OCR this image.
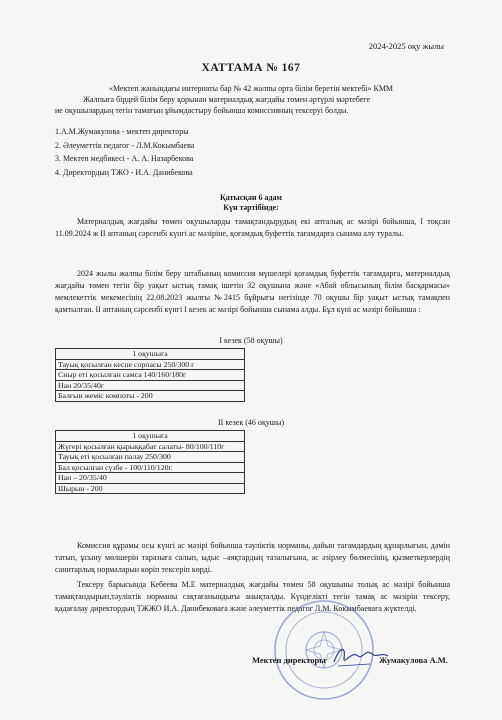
2024-2025 оқу жылы
ХАТТАМА № 167
«Мектеп жанындағы интернаты бар № 42 жалпы орта білім беретін мектебі» КММ
Жалпыға бірдей білім беру қорынан материалдық жағдайы төмен әртүрлі мәртебеге
ие оқушылардың тегін тамағын ұйымдастыру бойынша комиссияның тексеруі болды.
1.А.М.Жумакулова - мектеп директоры
2. Әлеуметтік педагог - Л.М.Кокымбаева
3. Мектеп медбикесі - А. А. Назарбекова
4. Директордың ТЖО - И.А. Данибекова
Қатысқан 6 адам
Күн тәртібінде:
Материалдық жағдайы төмен оқушыларды тамақтандырудың екі апталық ас мәзірі бойынша, I тоқсан 11.09.2024 ж II аптаның сәрсенбі күнгі ас мәзіріне, қоғамдық буфеттік тағамдарға сынама алу туралы.
2024 жылы жалпы білім беру штабының комиссия мүшелері қоғамдық буфеттік тағамдарға, материалдық жағдайы төмен тегін бір уақыт ыстық тамақ ішетін 32 оқушына және «Абай облысының білім басқармасы» мемлекеттік мекемесінің 22.08.2023 жылғы №2415 бұйрығы негізінде 70 оқушы бір уақыт ыстық тамақпен қамтылған. II аптаның сәрсенбі күнгі I кезек ас мәзірі бойынша сынама алды. Бұл күні ас мәзірі бойынша :
I кезек (58 оқушы)
1 оқушыға
Тауық қосылған кеспе сорпасы 250/300 г
Сиыр еті қосылған самса 140/160/180г
Нан 20/35/40г
Балғын жеміс компоты - 200
II кезек (46 оқушы)
1 оқушыға
Жүгері қосылған қырыққабат салаты- 80/100/110г
Тауық еті қосылған палау 250/300
Бал қосылған сүзбе - 100/110/120г.
Нан – 20/35/40
Шырын - 200
Комиссия құрамы осы күнгі ас мәзірі бойынша тәуліктік норманы, дайын тағамдардың құнарлығын, дәмін татып, ұсыну мөлшерін таразыға салып, ыдыс –аяқтардың тазалығына, ас әзірлеу бөлмесінің, қызметкерлердің санитарлық нормаларын көріп тексеріп көрді.
Тексеру барысында Кебеева М.Е материалдық жағдайы төмен 58 оқушыны толық ас мәзірі бойынша тамақтандырып,тәуліктік норманы сақтағанындығы анықталды. Күнделікті тегін тамақ ас мәзірін тексеру, қадағалау директордың ТЖЖО И.А. Данибековаға және әлеуметтік педагог Л.М. Кокымбаеваға жүктелді.
Мектеп директоры	Жумакулова А.М.
